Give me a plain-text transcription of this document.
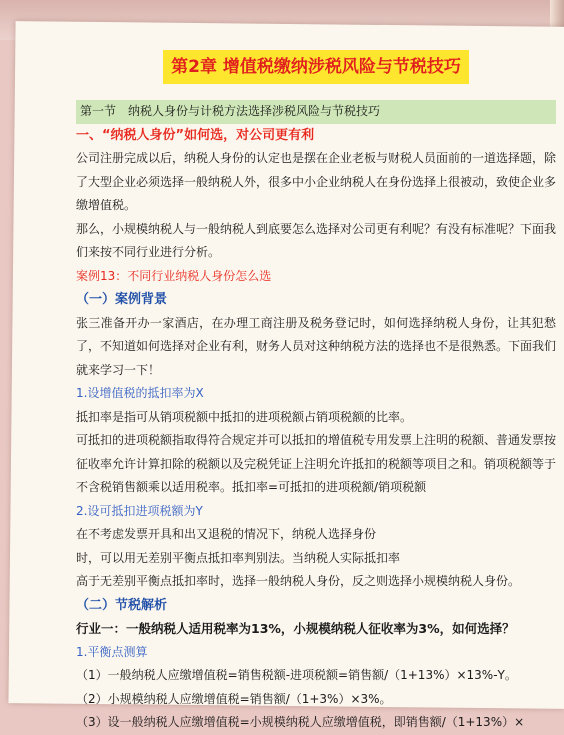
第2章 增值税缴纳涉税风险与节税技巧
第一节　纳税人身份与计税方法选择涉税风险与节税技巧

一、“纳税人身份”如何选，对公司更有利

公司注册完成以后，纳税人身份的认定也是摆在企业老板与财税人员面前的一道选择题，除了大型企业必须选择一般纳税人外，很多中小企业纳税人在身份选择上很被动，致使企业多缴增值税。

那么，小规模纳税人与一般纳税人到底要怎么选择对公司更有利呢？有没有标准呢？下面我们来按不同行业进行分析。

案例13：不同行业纳税人身份怎么选

（一）案例背景

张三准备开办一家酒店，在办理工商注册及税务登记时，如何选择纳税人身份，让其犯愁了，不知道如何选择对企业有利，财务人员对这种纳税方法的选择也不是很熟悉。下面我们就来学习一下！

1.设增值税的抵扣率为X

抵扣率是指可从销项税额中抵扣的进项税额占销项税额的比率。

可抵扣的进项税额指取得符合规定并可以抵扣的增值税专用发票上注明的税额、普通发票按征收率允许计算扣除的税额以及完税凭证上注明允许抵扣的税额等项目之和。销项税额等于不含税销售额乘以适用税率。抵扣率=可抵扣的进项税额/销项税额

2.设可抵扣进项税额为Y

在不考虑发票开具和出又退税的情况下，纳税人选择身份

时，可以用无差别平衡点抵扣率判别法。当纳税人实际抵扣率

高于无差别平衡点抵扣率时，选择一般纳税人身份，反之则选择小规模纳税人身份。

（二）节税解析

行业一：一般纳税人适用税率为13%，小规模纳税人征收率为3%，如何选择？

1.平衡点测算

（1）一般纳税人应缴增值税=销售税额-进项税额=销售额/（1+13%）×13%-Y。

（2）小规模纳税人应缴增值税=销售额/（1+3%）×3%。

（3）设一般纳税人应缴增值税=小规模纳税人应缴增值税，即销售额/（1+13%）×
